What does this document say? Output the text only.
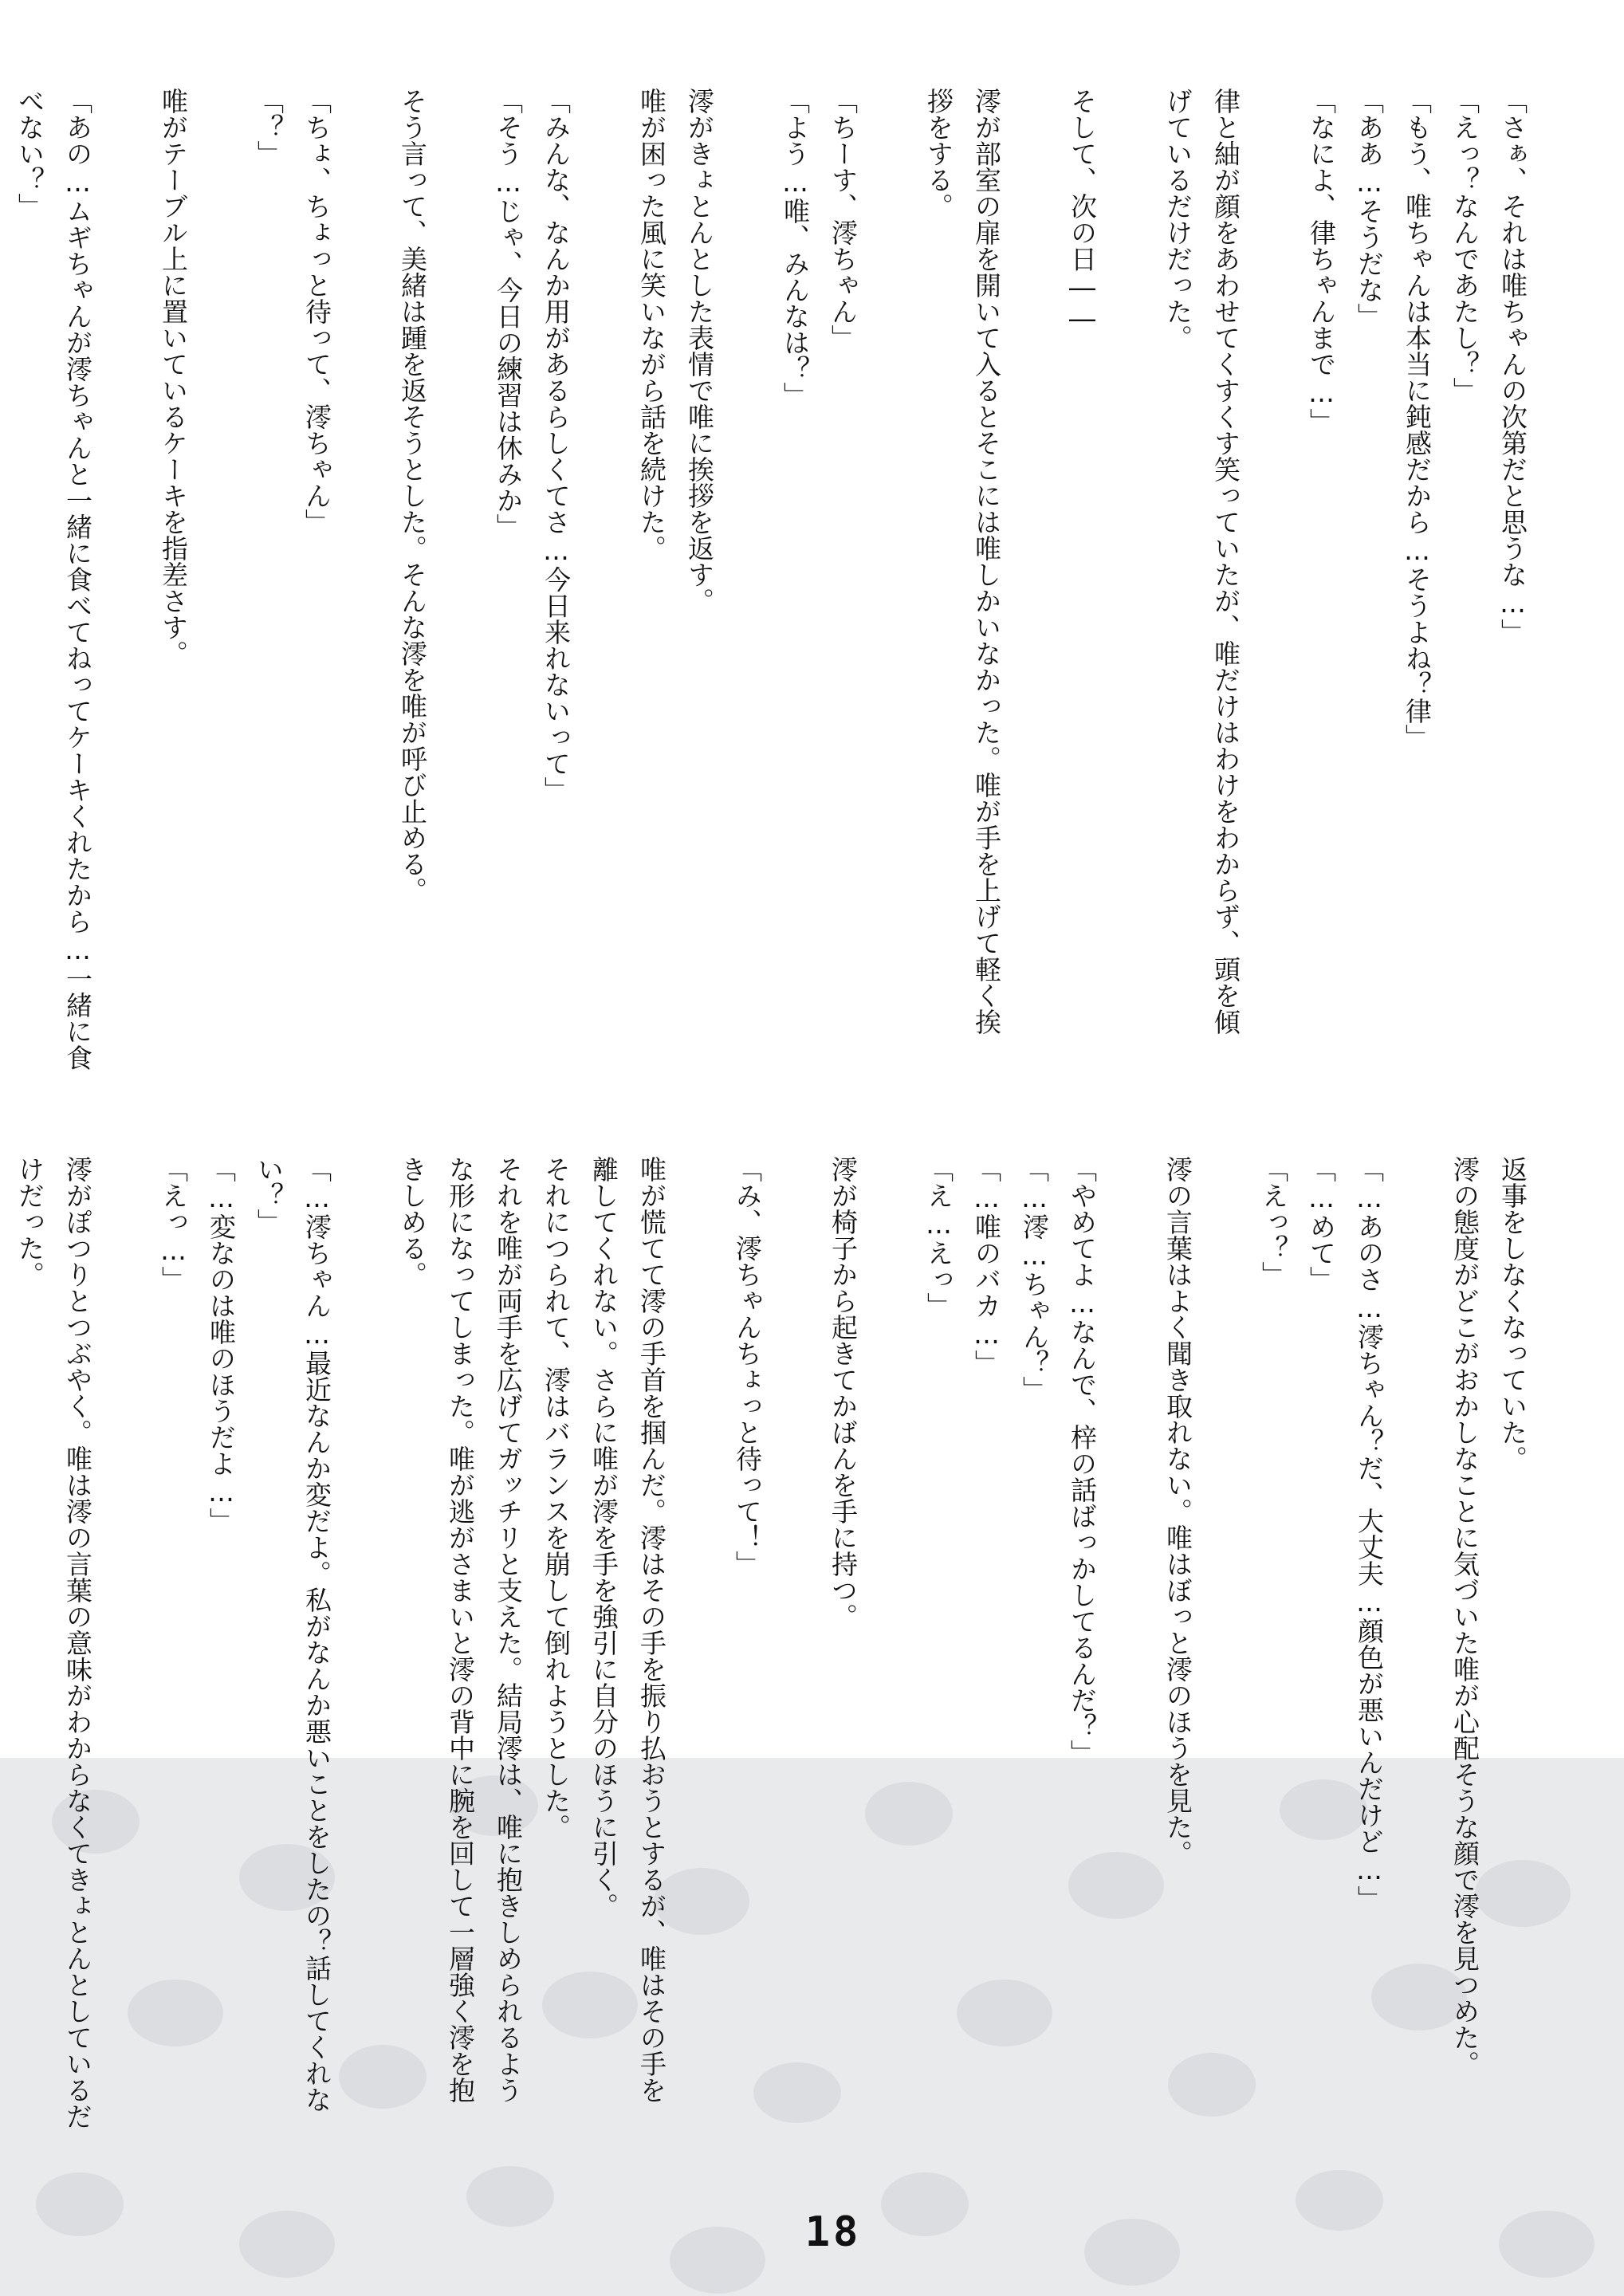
「さぁ、それは唯ちゃんの次第だと思うな…」
「えっ？なんであたし？」
「もう、唯ちゃんは本当に鈍感だから…そうよね？律」
「ああ…そうだな」
「なによ、律ちゃんまで…」

律と紬が顔をあわせてくすくす笑っていたが、唯だけはわけをわからず、頭を傾
げているだけだった。

そして、次の日――

澪が部室の扉を開いて入るとそこには唯しかいなかった。唯が手を上げて軽く挨
拶をする。

「ちーす、澪ちゃん」
「よう…唯、みんなは？」

澪がきょとんとした表情で唯に挨拶を返す。
唯が困った風に笑いながら話を続けた。

「みんな、なんか用があるらしくてさ…今日来れないって」
「そう…じゃ、今日の練習は休みか」

そう言って、美緒は踵を返そうとした。そんな澪を唯が呼び止める。

「ちょ、ちょっと待って、澪ちゃん」
「？」

唯がテーブル上に置いているケーキを指差さす。

「あの…ムギちゃんが澪ちゃんと一緒に食べてねってケーキくれたから…一緒に食
べない？」

返事をしなくなっていた。
澪の態度がどこがおかしなことに気づいた唯が心配そうな顔で澪を見つめた。

「…あのさ…澪ちゃん？だ、大丈夫…顔色が悪いんだけど…」
「…めて」
「えっ？」

澪の言葉はよく聞き取れない。唯はぼっと澪のほうを見た。

「やめてよ…なんで、梓の話ばっかしてるんだ？」
「…澪…ちゃん？」
「…唯のバカ…」
「え…えっ」

澪が椅子から起きてかばんを手に持つ。

「み、澪ちゃんちょっと待って！」

唯が慌てて澪の手首を掴んだ。澪はその手を振り払おうとするが、唯はその手を
離してくれない。さらに唯が澪を手を強引に自分のほうに引く。
それにつられて、澪はバランスを崩して倒れようとした。
それを唯が両手を広げてガッチリと支えた。結局澪は、唯に抱きしめられるよう
な形になってしまった。唯が逃がさまいと澪の背中に腕を回して一層強く澪を抱
きしめる。

「…澪ちゃん…最近なんか変だよ。私がなんか悪いことをしたの？話してくれな
い？」
「…変なのは唯のほうだよ…」
「えっ…」

澪がぽつりとつぶやく。唯は澪の言葉の意味がわからなくてきょとんとしているだ
けだった。

18
